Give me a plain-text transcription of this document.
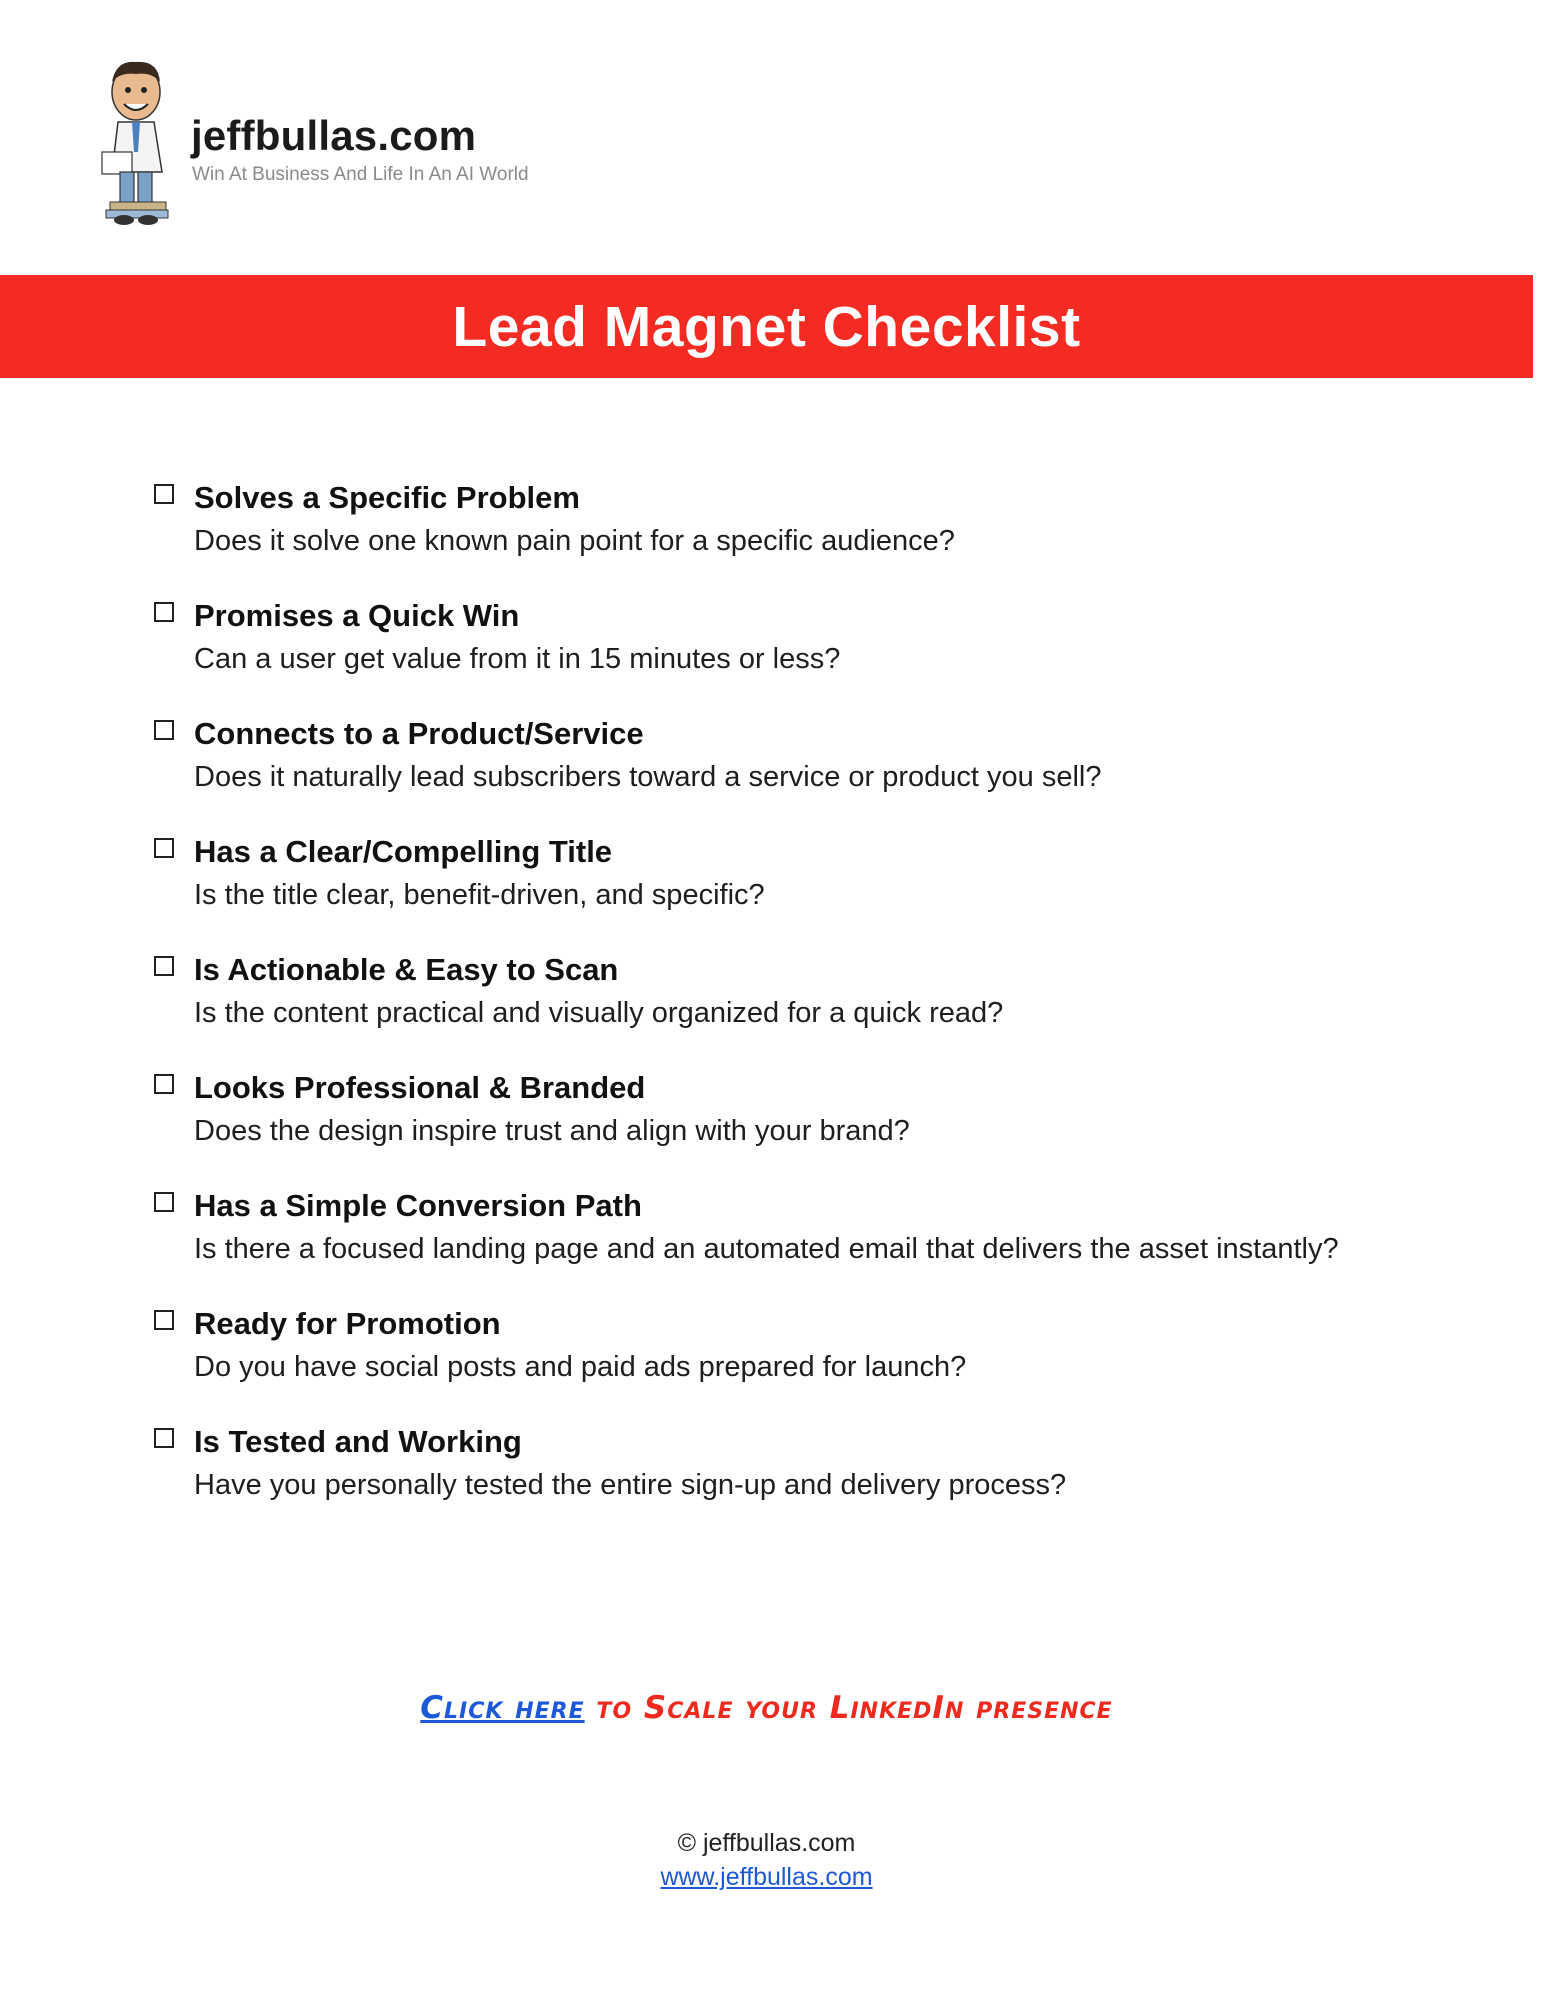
jeffbullas.com
Win At Business And Life In An AI World
Lead Magnet Checklist
Solves a Specific Problem
Does it solve one known pain point for a specific audience?
Promises a Quick Win
Can a user get value from it in 15 minutes or less?
Connects to a Product/Service
Does it naturally lead subscribers toward a service or product you sell?
Has a Clear/Compelling Title
Is the title clear, benefit-driven, and specific?
Is Actionable & Easy to Scan
Is the content practical and visually organized for a quick read?
Looks Professional & Branded
Does the design inspire trust and align with your brand?
Has a Simple Conversion Path
Is there a focused landing page and an automated email that delivers the asset instantly?
Ready for Promotion
Do you have social posts and paid ads prepared for launch?
Is Tested and Working
Have you personally tested the entire sign-up and delivery process?
Click here to Scale your LinkedIn presence
© jeffbullas.com
www.jeffbullas.com
